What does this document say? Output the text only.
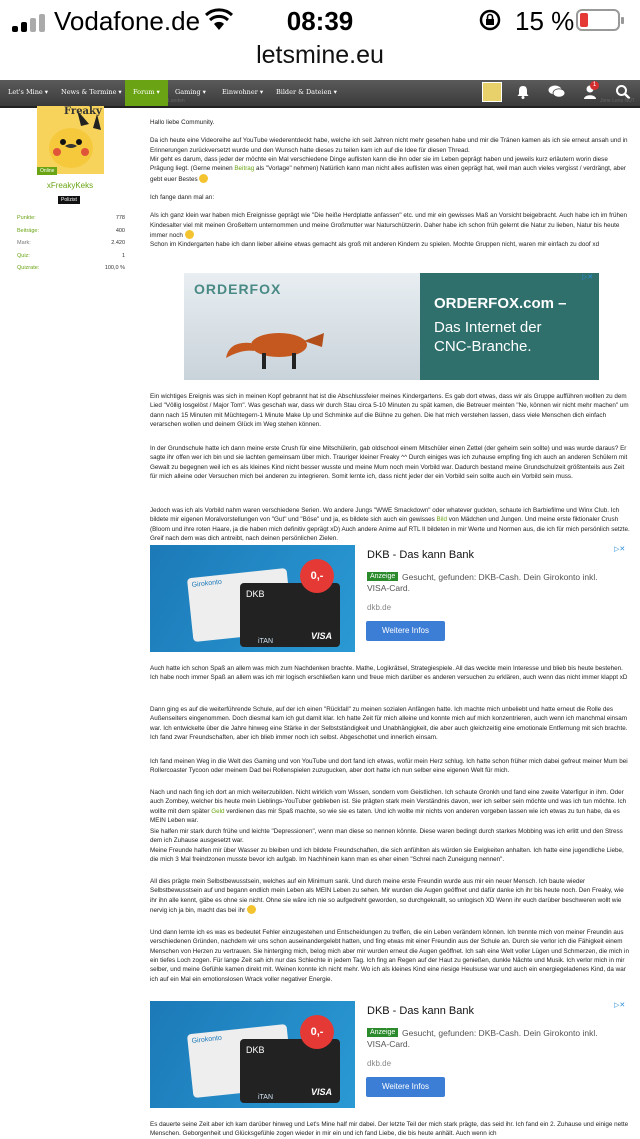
Vodafone.de	08:39	15 %
letsmine.eu
Let's Mine ▾ News & Termine ▾	Forum ▾	Gaming ▾ Einwohner ▾ Bilder & Dateien ▾
1
Landen	Jone Lens NUT
Freaky
Online
xFreakyKeks
Polizist
Punkte:	778
Beiträge:	400
Mark:	2.420
Quiz:	1
Quizrate:	100,0 %

Hallo liebe Community.

Da ich heute eine Videoreihe auf YouTube wiederentdeckt habe, welche ich seit Jahren nicht mehr gesehen habe und mir die Tränen kamen als ich sie erneut ansah und in Erinnerungen zurückversetzt wurde und den Wunsch hatte dieses zu teilen kam ich auf die Idee für diesen Thread.

Mir geht es darum, dass jeder der möchte ein Mal verschiedene Dinge auflisten kann die ihn oder sie im Leben geprägt haben und jeweils kurz erläutern worin diese Prägung liegt. (Gerne meinen Beitrag als "Vorlage" nehmen) Natürlich kann man nicht alles auflisten was einen geprägt hat, weil man auch vieles vergisst / verdrängt, aber gebt euer Bestes

Ich fange dann mal an:

Als ich ganz klein war haben mich Ereignisse geprägt wie "Die heiße Herdplatte anfassen" etc. und mir ein gewisses Maß an Vorsicht beigebracht. Auch habe ich im frühen Kindesalter viel mit meinen Großeltern unternommen und meine Großmutter war Naturschützerin. Daher habe ich schon früh gelernt die Natur zu lieben, Natur bis heute immer noch

Schon im Kindergarten habe ich dann lieber alleine etwas gemacht als groß mit anderen Kindern zu spielen. Mochte Gruppen nicht, waren mir einfach zu doof xd

ORDERFOX
ORDERFOX.com –
Das Internet der
CNC-Branche.
▷✕
Ein wichtiges Ereignis was sich in meinen Kopf gebrannt hat ist die Abschlussfeier meines Kindergartens. Es gab dort etwas, dass wir als Gruppe aufführen wollten zu dem Lied "Völlig losgelöst / Major Tom". Was geschah war, dass wir durch Stau circa 5-10 Minuten zu spät kamen, die Betreuer meinten "Ne, können wir nicht mehr machen" um dann nach 15 Minuten mit Müchtegern-1 Minute Make Up und Schminke auf die Bühne zu gehen. Die hat mich verstehen lassen, dass viele Menschen dich einfach verarschen wollen und deinem Glück im Weg stehen können.
In der Grundschule hatte ich dann meine erste Crush für eine Mitschülerin, gab oldschool einem Mitschüler einen Zettel (der geheim sein sollte) und was wurde daraus? Er sagte ihr offen wer ich bin und sie lachten gemeinsam über mich. Trauriger kleiner Freaky ^^ Durch einiges was ich zuhause empfing fing ich auch an anderen Schülern mit Gewalt zu begegnen weil ich es als kleines Kind nicht besser wusste und meine Mum noch mein Vorbild war. Dadurch bestand meine Grundschulzeit größtenteils aus Zeit für mich alleine oder Versuchen mich bei anderen zu integrieren. Somit lernte ich, dass nicht jeder der ein Vorbild sein sollte auch ein Vorbild sein muss.
Jedoch was ich als Vorbild nahm waren verschiedene Serien. Wo andere Jungs "WWE Smackdown" oder whatever guckten, schaute ich Barbiefilme und Winx Club. Ich bildete mir eigenen Moralvorstellungen von "Gut" und "Böse" und ja, es bildete sich auch ein gewisses Bild von Mädchen und Jungen. Und meine erste fiktionaler Crush (Bloom und ihre roten Haare, ja die haben mich definitiv geprägt xD) Auch andere Anime auf RTL II bildeten in mir Werte und Normen aus, die ich für mich persönlich setzte. Greif nach dem was dich antreibt, nach deinen persönlichen Zielen.
Girokonto
DKB
VISA
0,-
iTAN
DKB - Das kann Bank
Anzeige Gesucht, gefunden: DKB-Cash. Dein Girokonto inkl.
VISA-Card.
dkb.de
Weitere Infos
▷✕
Auch hatte ich schon Spaß an allem was mich zum Nachdenken brachte. Mathe, Logikrätsel, Strategiespiele. All das weckte mein Interesse und blieb bis heute bestehen. Ich habe noch immer Spaß an allem was ich mir logisch erschließen kann und freue mich darüber es anderen versuchen zu erklären, auch wenn das nicht immer klappt xD
Dann ging es auf die weiterführende Schule, auf der ich einen "Rückfall" zu meinen sozialen Anfängen hatte. Ich machte mich unbeliebt und hatte erneut die Rolle des Außenseiters eingenommen. Doch diesmal kam ich gut damit klar. Ich hatte Zeit für mich alleine und konnte mich auf mich konzentrieren, auch wenn ich manchmal einsam war. Ich entwickelte über die Jahre hinweg eine Stärke in der Selbstständigkeit und Unabhängigkeit, die aber auch gleichzeitig eine emotionale Entfernung mit sich brachte. Ich fand zwar Freundschaften, aber ich blieb immer noch ich selbst. Abgeschottet und innerlich einsam.
Ich fand meinen Weg in die Welt des Gaming und von YouTube und dort fand ich etwas, wofür mein Herz schlug. Ich hatte schon früher mich dabei gefreut meiner Mum bei Rollercoaster Tycoon oder meinem Dad bei Rollenspielen zuzugucken, aber dort hatte ich nun selber eine eigenen Welt für mich.
Nach und nach fing ich dort an mich weiterzubilden. Nicht wirklich vom Wissen, sondern vom Geistlichen. Ich schaute Gronkh und fand eine zweite Vaterfigur in ihm. Oder auch Zombey, welcher bis heute mein Lieblings-YouTuber geblieben ist. Sie prägten stark mein Verständnis davon, wer ich selber sein möchte und was ich tun möchte. Ich wollte mit dem später Geld verdienen das mir Spaß machte, so wie sie es taten. Und ich wollte mir nichts von anderen vorgeben lassen wie ich etwas zu tun habe, da es MEIN Leben war.
Sie halfen mir stark durch frühe und leichte "Depressionen", wenn man diese so nennen könnte. Diese waren bedingt durch starkes Mobbing was ich erlitt und den Stress dem ich Zuhause ausgesetzt war.
Meine Freunde halfen mir über Wasser zu bleiben und ich bildete Freundschaften, die sich anfühlten als würden sie Ewigkeiten anhalten. Ich hatte eine jugendliche Liebe, die mich 3 Mal freindzonen musste bevor ich aufgab. Im Nachhinein kann man es eher einen "Schrei nach Zuneigung nennen".
All dies prägte mein Selbstbewusstsein, welches auf ein Minimum sank. Und durch meine erste Freundin wurde aus mir ein neuer Mensch. Ich baute wieder Selbstbewusstsein auf und begann endlich mein Leben als MEIN Leben zu sehen. Mir wurden die Augen geöffnet und dafür danke ich ihr bis heute noch. Den Freaky, wie ihr ihn alle kennt, gäbe es ohne sie nicht. Ohne sie wäre ich nie so aufgedreht geworden, so durchgeknallt, so unlogisch XD Wenn ihr euch darüber beschweren wollt wie nervig ich ja bin, macht das bei ihr
Und dann lernte ich es was es bedeutet Fehler einzugestehen und Entscheidungen zu treffen, die ein Leben verändern können. Ich trennte mich von meiner Freundin aus verschiedenen Gründen, nachdem wir uns schon auseinandergelebt hatten, und fing etwas mit einer Freundin aus der Schule an. Durch sie verlor ich die Fähigkeit einem Menschen von Herzen zu vertrauen. Sie hinterging mich, belog mich aber mir wurden erneut die Augen geöffnet. Ich sah eine Welt voller Lügen und Schmerzen, die mich in ein tiefes Loch zogen. Für lange Zeit sah ich nur das Schlechte in jedem Tag. Ich fing an Regen auf der Haut zu genießen, dunkle Nächte und Musik. Ich verlor mich in mir selber, und meine Gefühle kamen direkt mit. Weinen konnte ich nicht mehr. Wo ich als kleines Kind eine riesige Heulsuse war und auch ein energiegeladenes Kind, da war ich auf ein Mal ein emotionslosen Wrack voller negativer Energie.
Girokonto
DKB
VISA
0,-
iTAN
DKB - Das kann Bank
Anzeige Gesucht, gefunden: DKB-Cash. Dein Girokonto inkl.
VISA-Card.
dkb.de
Weitere Infos
▷✕
Es dauerte seine Zeit aber ich kam darüber hinweg und Let's Mine half mir dabei. Der letzte Teil der mich stark prägte, das seid ihr. Ich fand ein 2. Zuhause und einige nette Menschen. Geborgenheit und Glücksgefühle zogen wieder in mir ein und ich fand Liebe, die bis heute anhält. Auch wenn ich
